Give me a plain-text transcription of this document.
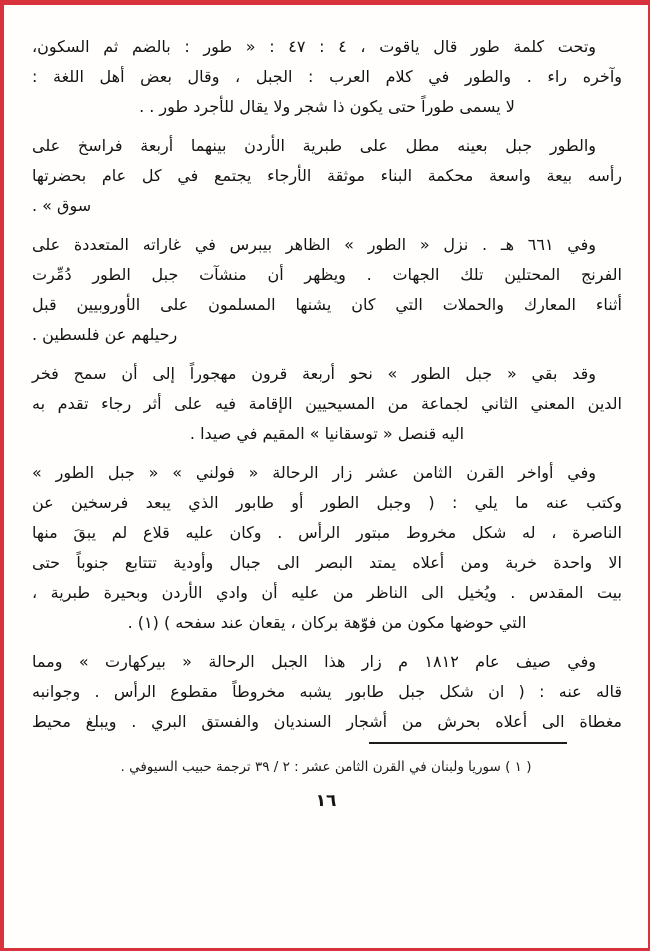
وتحت كلمة طور قال ياقوت ، ٤ : ٤٧ : « طور : بالضم ثم السكون،
وآخره راء . والطور في كلام العرب : الجبل ، وقال بعض أهل اللغة :
لا يسمى طوراً حتى يكون ذا شجر ولا يقال للأجرد طور . .
والطور جبل بعينه مطل على طبرية الأردن بينهما أربعة فراسخ على
رأسه بيعة واسعة محكمة البناء موثقة الأرجاء يجتمع في كل عام بحضرتها
سوق » .
وفي ٦٦١ هـ . نزل « الطور » الظاهر بيبرس في غاراته المتعددة على
الفرنج المحتلين تلك الجهات . ويظهر أن منشآت جبل الطور دُمِّرت
أثناء المعارك والحملات التي كان يشنها المسلمون على الأوروبيين قبل
رحيلهم عن فلسطين .
وقد بقي « جبل الطور » نحو أربعة قرون مهجوراً إلى أن سمح فخر
الدين المعني الثاني لجماعة من المسيحيين الإقامة فيه على أثر رجاء تقدم به
اليه قنصل « توسقانيا » المقيم في صيدا .
وفي أواخر القرن الثامن عشر زار الرحالة « فولني » « جبل الطور »
وكتب عنه ما يلي : ( وجبل الطور أو طابور الذي يبعد فرسخين عن
الناصرة ، له شكل مخروط مبتور الرأس . وكان عليه قلاع لم يبقَ منها
الا واحدة خربة ومن أعلاه يمتد البصر الى جبال وأودية تتتابع جنوباً حتى
بيت المقدس . ويُخيل الى الناظر من عليه أن وادي الأردن وبحيرة طبرية ،
التي حوضها مكون من فوّهة بركان ، يقعان عند سفحه ) (١) .
وفي صيف عام ١٨١٢ م زار هذا الجبل الرحالة « بيركهارت » ومما
قاله عنه : ( ان شكل جبل طابور يشبه مخروطاً مقطوع الرأس . وجوانبه
مغطاة الى أعلاه بحرش من أشجار السنديان والفستق البري . ويبلغ محيط
( ١ ) سوريا ولبنان في القرن الثامن عشر : ٢ / ٣٩ ترجمة حبيب السيوفي .
١٦
